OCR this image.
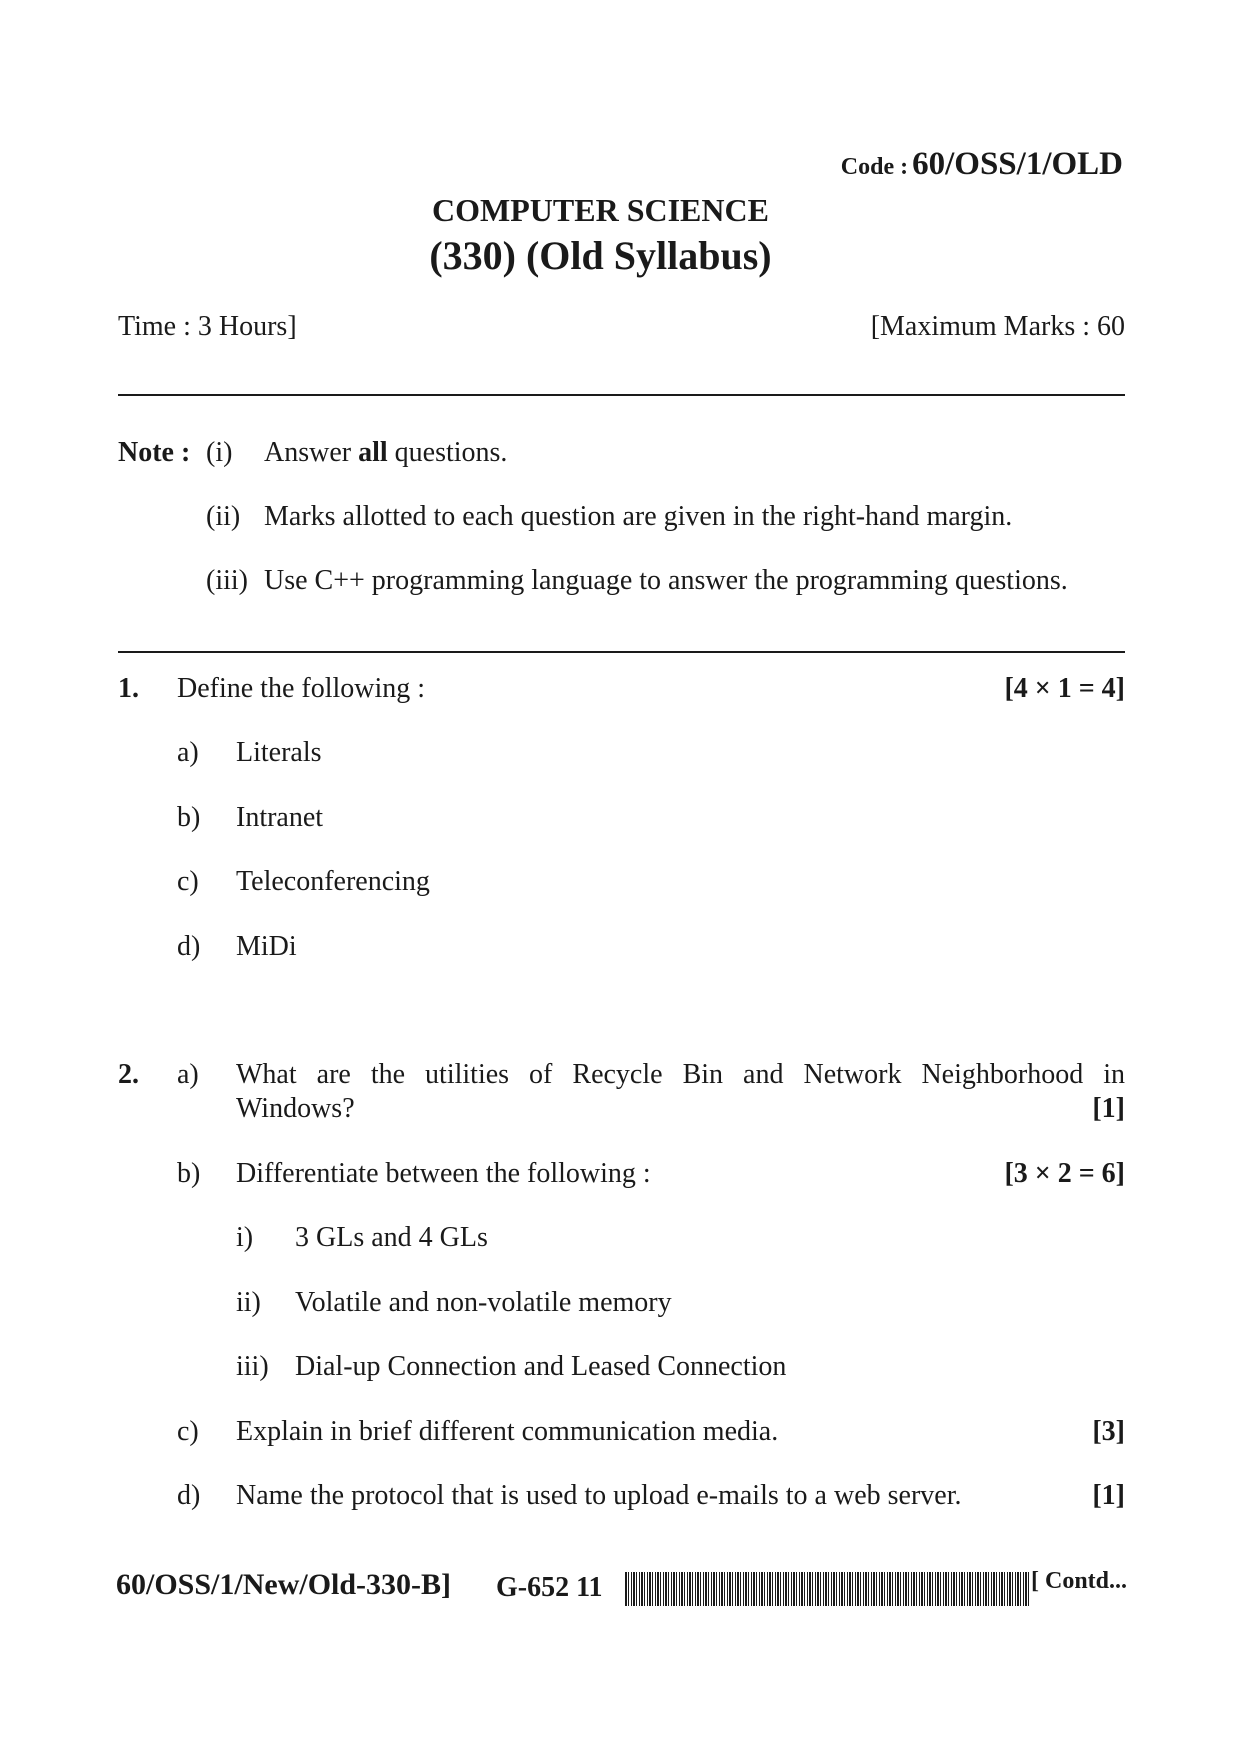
Code : 60/OSS/1/OLD
COMPUTER SCIENCE
(330) (Old Syllabus)
Time : 3 Hours]	[Maximum Marks : 60
Note : (i) Answer all questions.
(ii) Marks allotted to each question are given in the right-hand margin.
(iii) Use C++ programming language to answer the programming questions.
1. Define the following :	[4 × 1 = 4]
a) Literals
b) Intranet
c) Teleconferencing
d) MiDi
2. a) What are the utilities of Recycle Bin and Network Neighborhood in
Windows?	[1]
b) Differentiate between the following :	[3 × 2 = 6]
i) 3 GLs and 4 GLs
ii) Volatile and non-volatile memory
iii) Dial-up Connection and Leased Connection
c) Explain in brief different communication media.	[3]
d) Name the protocol that is used to upload e-mails to a web server.	[1]
60/OSS/1/New/Old-330-B] G-652 11	[ Contd...
